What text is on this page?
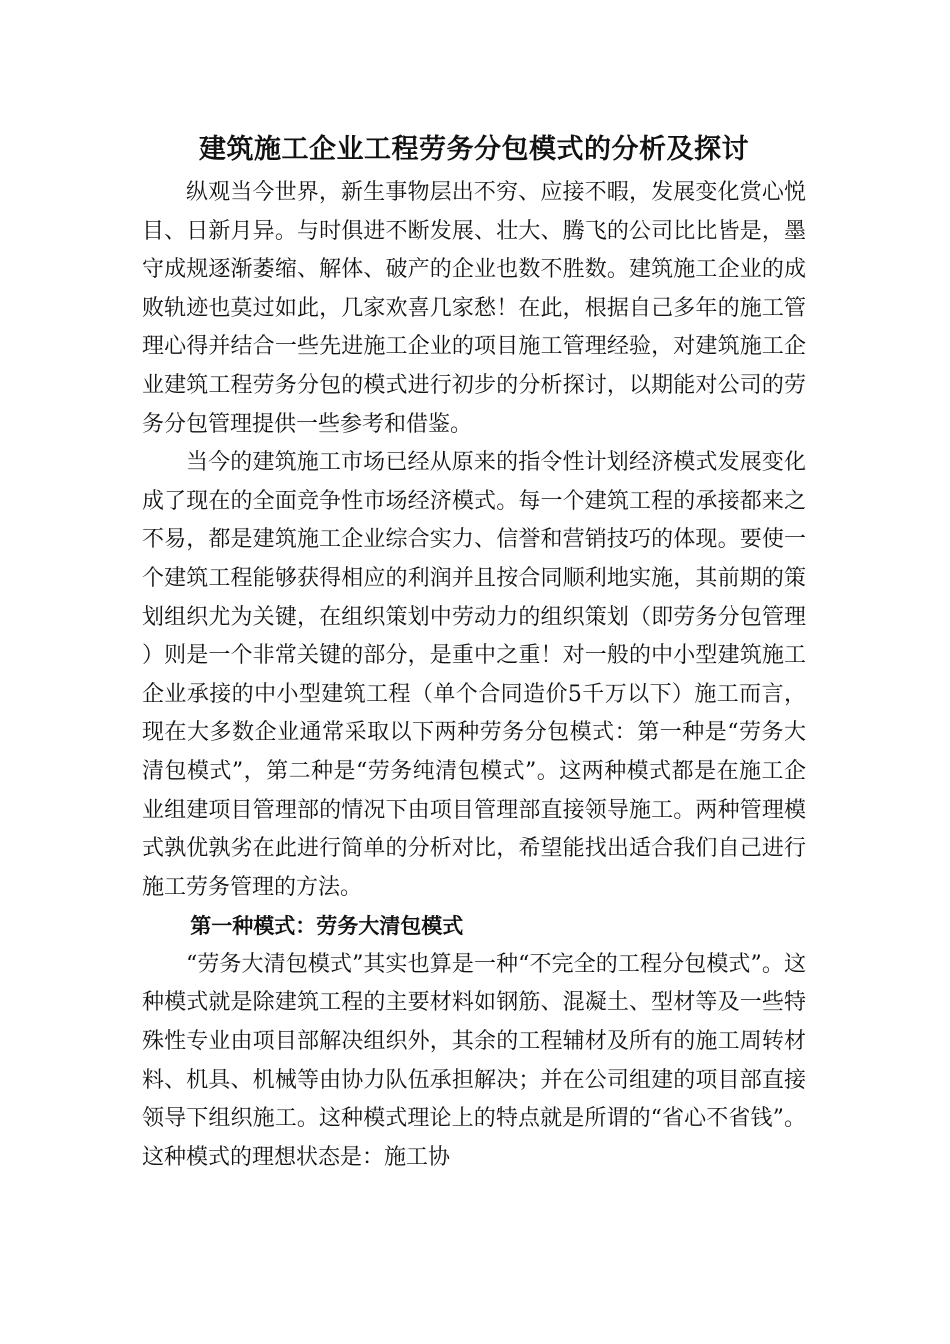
建筑施工企业工程劳务分包模式的分析及探讨

纵观当今世界，新生事物层出不穷、应接不暇，发展变化赏心悦目、日新月异。与时俱进不断发展、壮大、腾飞的公司比比皆是，墨守成规逐渐萎缩、解体、破产的企业也数不胜数。建筑施工企业的成败轨迹也莫过如此，几家欢喜几家愁！在此，根据自己多年的施工管理心得并结合一些先进施工企业的项目施工管理经验，对建筑施工企业建筑工程劳务分包的模式进行初步的分析探讨，以期能对公司的劳务分包管理提供一些参考和借鉴。

当今的建筑施工市场已经从原来的指令性计划经济模式发展变化成了现在的全面竞争性市场经济模式。每一个建筑工程的承接都来之不易，都是建筑施工企业综合实力、信誉和营销技巧的体现。要使一个建筑工程能够获得相应的利润并且按合同顺利地实施，其前期的策划组织尤为关键，在组织策划中劳动力的组织策划（即劳务分包管理）则是一个非常关键的部分，是重中之重！对一般的中小型建筑施工企业承接的中小型建筑工程（单个合同造价5千万以下）施工而言，现在大多数企业通常采取以下两种劳务分包模式：第一种是“劳务大清包模式”，第二种是“劳务纯清包模式”。这两种模式都是在施工企业组建项目管理部的情况下由项目管理部直接领导施工。两种管理模式孰优孰劣在此进行简单的分析对比，希望能找出适合我们自己进行施工劳务管理的方法。

第一种模式：劳务大清包模式

“劳务大清包模式”其实也算是一种“不完全的工程分包模式”。这种模式就是除建筑工程的主要材料如钢筋、混凝土、型材等及一些特殊性专业由项目部解决组织外，其余的工程辅材及所有的施工周转材料、机具、机械等由协力队伍承担解决；并在公司组建的项目部直接领导下组织施工。这种模式理论上的特点就是所谓的“省心不省钱”。这种模式的理想状态是：施工协
